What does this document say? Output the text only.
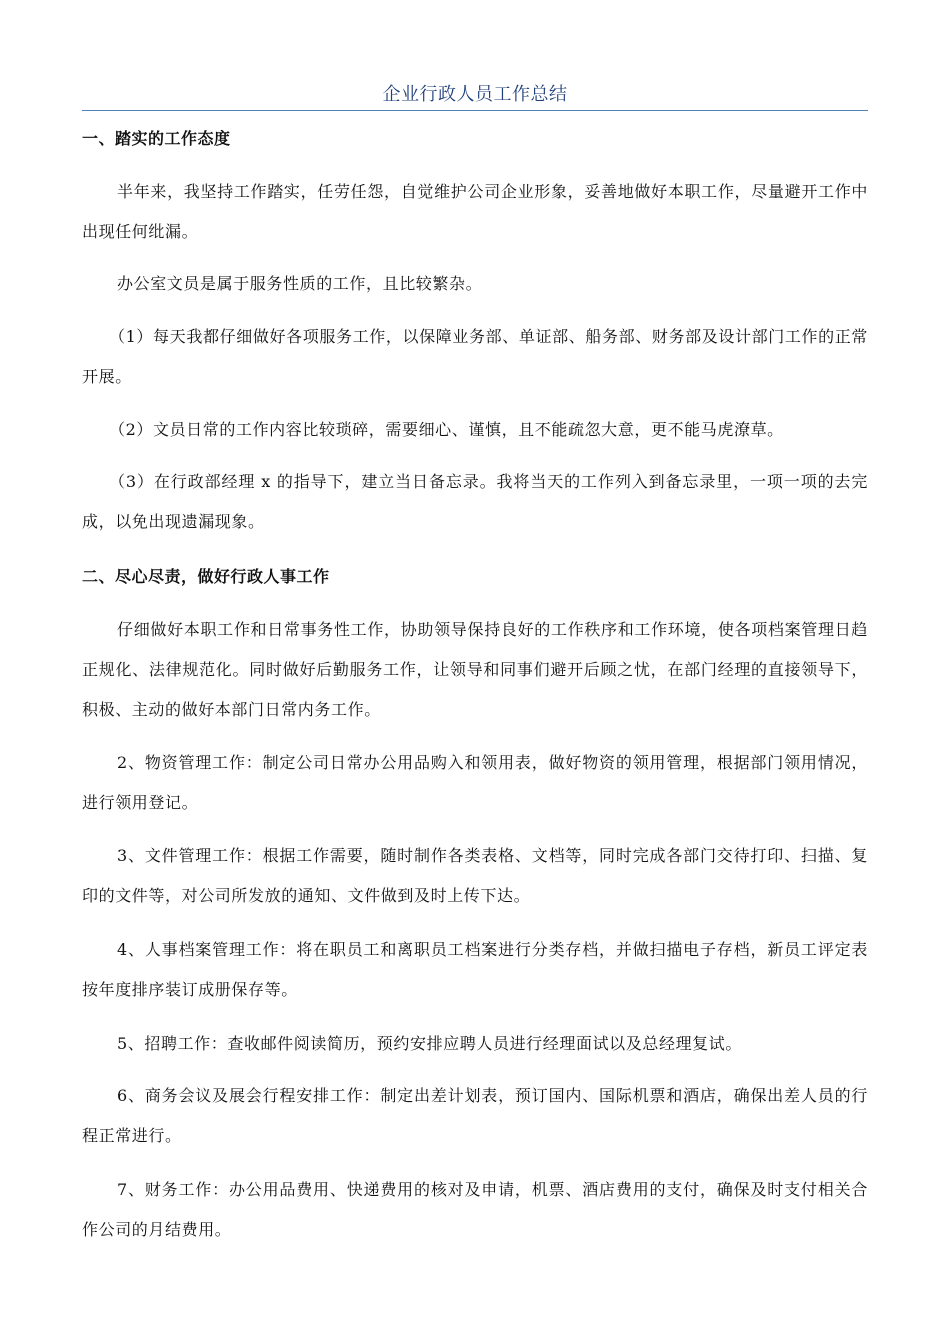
企业行政人员工作总结
一、踏实的工作态度

半年来，我坚持工作踏实，任劳任怨，自觉维护公司企业形象，妥善地做好本职工作，尽量避开工作中出现任何纰漏。

办公室文员是属于服务性质的工作，且比较繁杂。

（1）每天我都仔细做好各项服务工作，以保障业务部、单证部、船务部、财务部及设计部门工作的正常开展。

（2）文员日常的工作内容比较琐碎，需要细心、谨慎，且不能疏忽大意，更不能马虎潦草。

（3）在行政部经理 x 的指导下，建立当日备忘录。我将当天的工作列入到备忘录里，一项一项的去完成，以免出现遗漏现象。

二、尽心尽责，做好行政人事工作

仔细做好本职工作和日常事务性工作，协助领导保持良好的工作秩序和工作环境，使各项档案管理日趋正规化、法律规范化。同时做好后勤服务工作，让领导和同事们避开后顾之忧，在部门经理的直接领导下，积极、主动的做好本部门日常内务工作。

2、物资管理工作：制定公司日常办公用品购入和领用表，做好物资的领用管理，根据部门领用情况，进行领用登记。

3、文件管理工作：根据工作需要，随时制作各类表格、文档等，同时完成各部门交待打印、扫描、复印的文件等，对公司所发放的通知、文件做到及时上传下达。

4、人事档案管理工作：将在职员工和离职员工档案进行分类存档，并做扫描电子存档，新员工评定表按年度排序装订成册保存等。

5、招聘工作：查收邮件阅读简历，预约安排应聘人员进行经理面试以及总经理复试。

6、商务会议及展会行程安排工作：制定出差计划表，预订国内、国际机票和酒店，确保出差人员的行程正常进行。

7、财务工作：办公用品费用、快递费用的核对及申请，机票、酒店费用的支付，确保及时支付相关合作公司的月结费用。
